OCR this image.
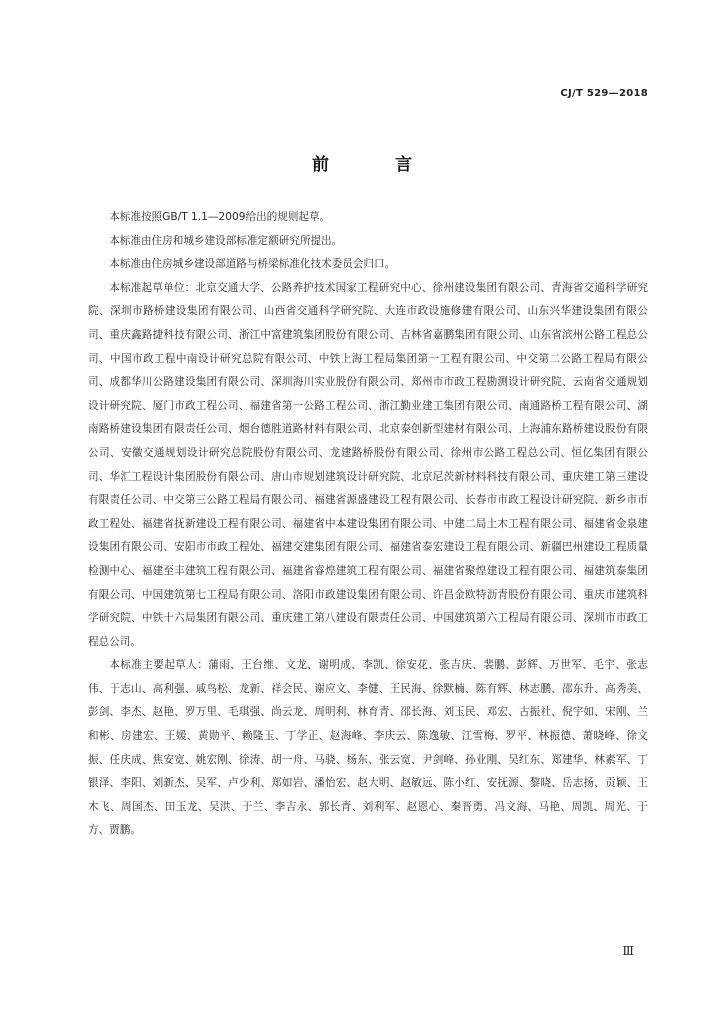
CJ/T 529—2018
前 言

本标准按照GB/T 1.1—2009给出的规则起草。

本标准由住房和城乡建设部标准定额研究所提出。

本标准由住房城乡建设部道路与桥梁标准化技术委员会归口。

本标准起草单位：北京交通大学、公路养护技术国家工程研究中心、徐州建设集团有限公司、青海省交通科学研究院、深圳市路桥建设集团有限公司、山西省交通科学研究院、大连市政设施修建有限公司、山东兴华建设集团有限公司、重庆鑫路捷科技有限公司、浙江中富建筑集团股份有限公司、吉林省嘉鹏集团有限公司、山东省滨州公路工程总公司、中国市政工程中南设计研究总院有限公司、中铁上海工程局集团第一工程有限公司、中交第二公路工程局有限公司、成都华川公路建设集团有限公司、深圳海川实业股份有限公司、郑州市市政工程勘测设计研究院、云南省交通规划设计研究院、厦门市政工程公司、福建省第一公路工程公司、浙江勤业建工集团有限公司、南通路桥工程有限公司、湖南路桥建设集团有限责任公司、烟台德胜道路材料有限公司、北京泰创新型建材有限公司、上海浦东路桥建设股份有限公司、安徽交通规划设计研究总院股份有限公司、龙建路桥股份有限公司、徐州市公路工程总公司、恒亿集团有限公司、华汇工程设计集团股份有限公司、唐山市规划建筑设计研究院、北京尼茨新材料科技有限公司、重庆建工第三建设有限责任公司、中交第三公路工程局有限公司、福建省源盛建设工程有限公司、长春市市政工程设计研究院、新乡市市政工程处、福建省抚新建设工程有限公司、福建省中本建设集团有限公司、中建二局土木工程有限公司、福建省金泉建设集团有限公司、安阳市市政工程处、福建交建集团有限公司、福建省泰宏建设工程有限公司、新疆巴州建设工程质量检测中心、福建至丰建筑工程有限公司、福建省睿煌建筑工程有限公司、福建省聚煌建设工程有限公司、福建筑泰集团有限公司、中国建筑第七工程局有限公司、洛阳市政建设集团有限公司、许昌金欧特沥青股份有限公司、重庆市建筑科学研究院、中铁十六局集团有限公司、重庆建工第八建设有限责任公司、中国建筑第六工程局有限公司、深圳市市政工程总公司。

本标准主要起草人：蒲雨、王台维、文龙、谢明成、李凯、徐安花、张吉庆、裴鹏、彭辉、万世军、毛宇、张志伟、于志山、高利强、戚鸟松、龙新、祥会民、谢应文、李健、王民海、徐默楠、陈有辉、林志鹏、邵东升、高秀美、彭剑、李杰、赵艳、罗万里、毛琪强、尚云龙、周明利、林育青、邵长海、刘玉民、邓宏、古振社、倪宇如、宋刚、兰和彬、房建宏、王媛、黄勋平、赖隆玉、丁学正、赵海峰、李庆云、陈逸敏、江雪梅、罗平、林振德、萧晓峰、徐文振、任庆成、焦安宽、姚宏刚、徐涛、胡一舟、马骁、杨东、张云宽、尹剑峰、孙业刚、吴红东、郑建华、林素军、丁银泽、李阳、刘新杰、吴军、卢少利、郑如岩、潘怡宏、赵大明、赵敏远、陈小红、安抚源、黎晓、岳志扬、贡颖、王木飞、周国杰、田玉龙、吴洪、于兰、李吉永、郭长青、刘利军、赵恩心、秦晋勇、冯文海、马艳、周凯、周光、于方、贾鹏。

Ⅲ
